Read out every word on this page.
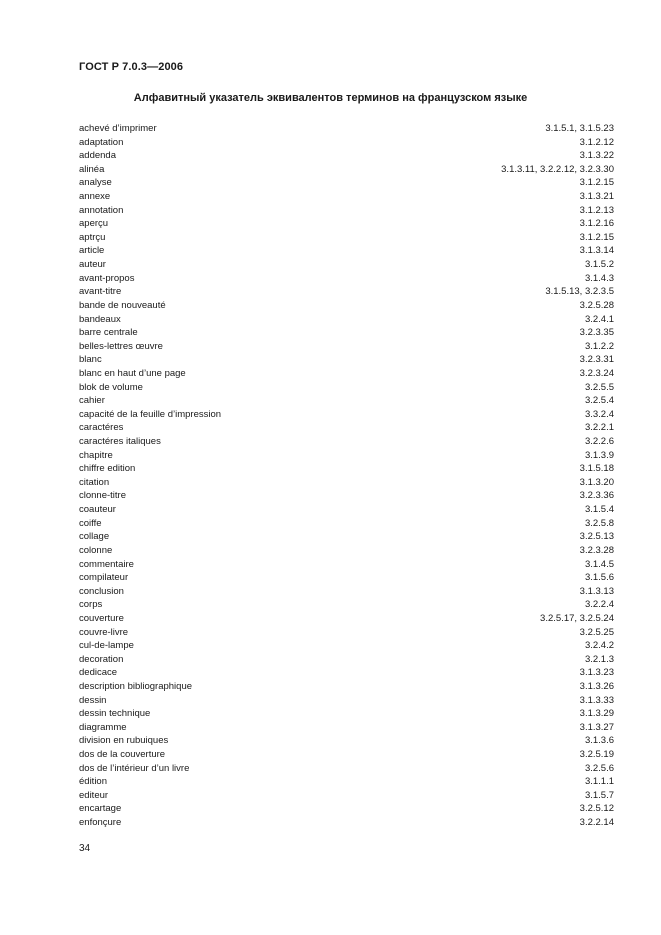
ГОСТ Р 7.0.3—2006
Алфавитный указатель эквивалентов терминов на французском языке
achevé d’imprimer	3.1.5.1, 3.1.5.23
adaptation	3.1.2.12
addenda	3.1.3.22
alinéa	3.1.3.11, 3.2.2.12, 3.2.3.30
analyse	3.1.2.15
annexe	3.1.3.21
annotation	3.1.2.13
aperçu	3.1.2.16
aptrçu	3.1.2.15
article	3.1.3.14
auteur	3.1.5.2
avant-propos	3.1.4.3
avant-titre	3.1.5.13, 3.2.3.5
bande de nouveauté	3.2.5.28
bandeaux	3.2.4.1
barre centrale	3.2.3.35
belles-lettres œuvre	3.1.2.2
blanc	3.2.3.31
blanc en haut d’une page	3.2.3.24
blok de volume	3.2.5.5
cahier	3.2.5.4
capacité de la feuille d’impression	3.3.2.4
caractéres	3.2.2.1
caractéres italiques	3.2.2.6
chapitre	3.1.3.9
chiffre edition	3.1.5.18
citation	3.1.3.20
clonne-titre	3.2.3.36
coauteur	3.1.5.4
coiffe	3.2.5.8
collage	3.2.5.13
colonne	3.2.3.28
commentaire	3.1.4.5
compilateur	3.1.5.6
conclusion	3.1.3.13
corps	3.2.2.4
couverture	3.2.5.17, 3.2.5.24
couvre-livre	3.2.5.25
cul-de-lampe	3.2.4.2
decoration	3.2.1.3
dedicace	3.1.3.23
description bibliographique	3.1.3.26
dessin	3.1.3.33
dessin technique	3.1.3.29
diagramme	3.1.3.27
division en rubuiques	3.1.3.6
dos de la couverture	3.2.5.19
dos de l’intérieur d’un livre	3.2.5.6
édition	3.1.1.1
editeur	3.1.5.7
encartage	3.2.5.12
enfonçure	3.2.2.14
34
